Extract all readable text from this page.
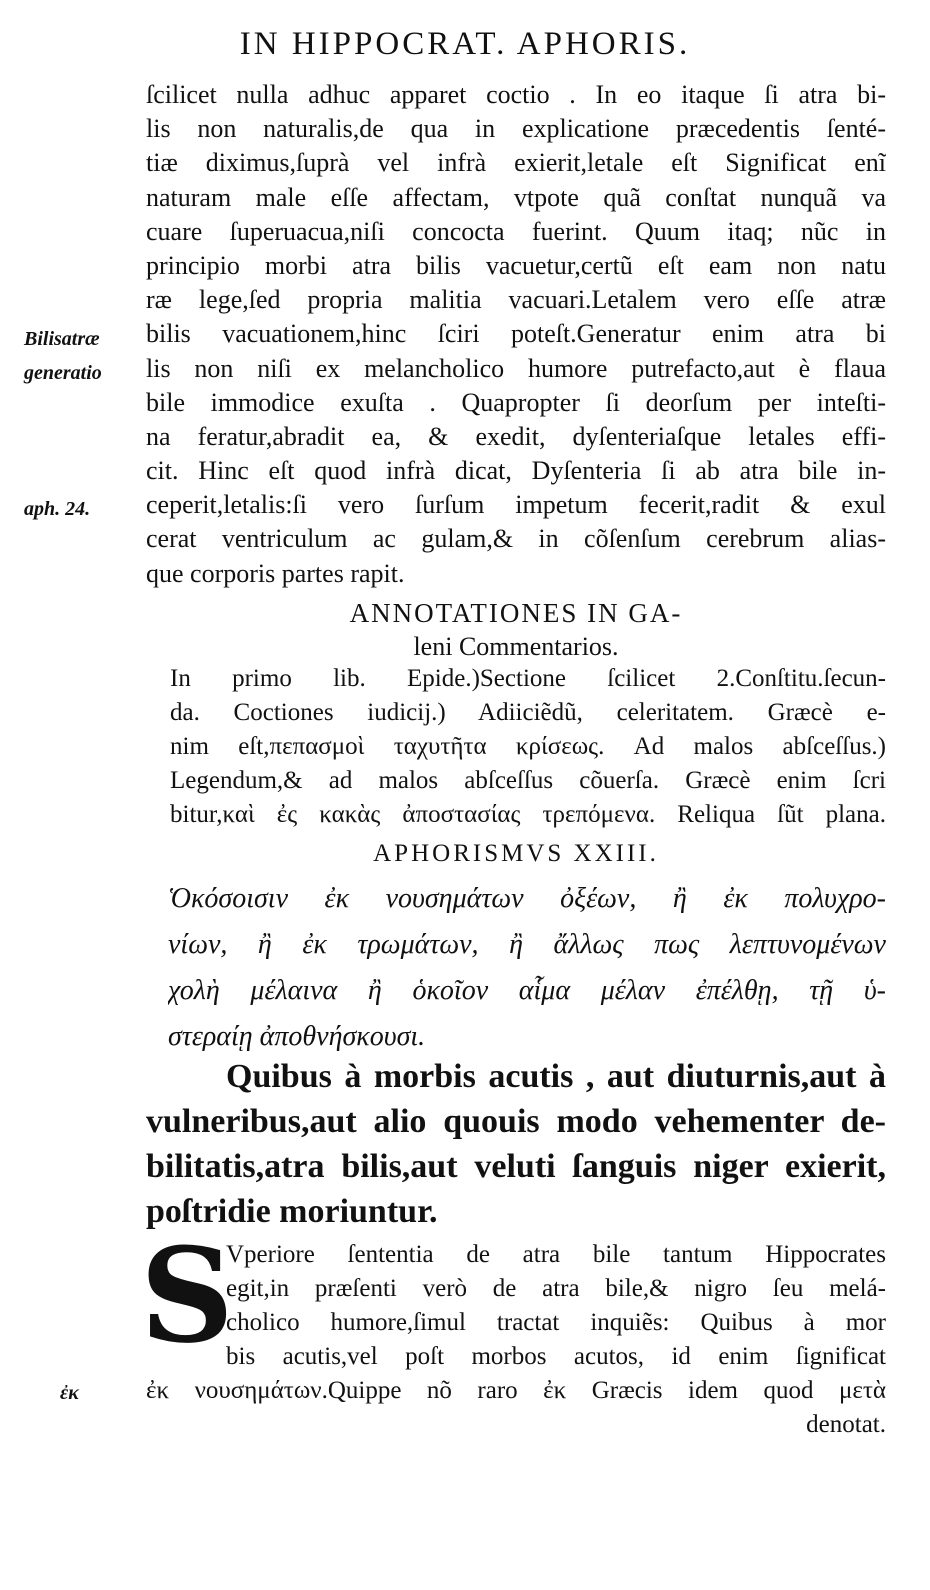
IN HIPPOCRAT. APHORIS.
ſcilicet nulla adhuc apparet coctio . In eo itaque ſi atra bi-
lis non naturalis,de qua in explicatione præcedentis ſenté-
tiæ diximus,ſuprà vel infrà exierit,letale eſt Significat enĩ
naturam male eſſe affectam, vtpote quã conſtat nunquã va
cuare ſuperuacua,niſi concocta fuerint. Quum itaq; nũc in
principio morbi atra bilis vacuetur,certũ eſt eam non natu
ræ lege,ſed propria malitia vacuari.Letalem vero eſſe atræ
bilis vacuationem,hinc ſciri poteſt.Generatur enim atra bi
lis non niſi ex melancholico humore putrefacto,aut è flaua
bile immodice exuſta . Quapropter ſi deorſum per inteſti-
na feratur,abradit ea, & exedit, dyſenteriaſque letales effi-
cit. Hinc eſt quod infrà dicat, Dyſenteria ſi ab atra bile in-
ceperit,letalis:ſi vero ſurſum impetum fecerit,radit & exul
cerat ventriculum ac gulam,& in cõſenſum cerebrum alias-
que corporis partes rapit.
Bilisatræ
generatio
aph. 24.
ἐκ
ANNOTATIONES IN GA-
leni Commentarios.
In primo lib. Epide.)Sectione ſcilicet 2.Conſtitu.ſecun-
da. Coctiones iudicij.) Adiiciẽdũ, celeritatem. Græcè e-
nim eſt,πεπασμοὶ ταχυτῆτα κρίσεως. Ad malos abſceſſus.)
Legendum,& ad malos abſceſſus cõuerſa. Græcè enim ſcri
bitur,καὶ ἐς κακὰς ἀποστασίας τρεπόμενα. Reliqua ſũt plana.
APHORISMVS XXIII.
Ὁκόσοισιν ἐκ νουσημάτων ὀξέων, ἢ ἐκ πολυχρο-
νίων, ἢ ἐκ τρωμάτων, ἢ ἄλλως πως λεπτυνομένων
χολὴ μέλαινα ἢ ὁκοῖον αἷμα μέλαν ἐπέλθῃ, τῇ ὑ-
στεραίῃ ἀποθνήσκουσι.
Quibus à morbis acutis , aut diuturnis,aut à
vulneribus,aut alio quouis modo vehementer de-
bilitatis,atra bilis,aut veluti ſanguis niger exierit,
poſtridie moriuntur.
S
Vperiore ſententia de atra bile tantum Hippocrates
egit,in præſenti verò de atra bile,& nigro ſeu melá-
cholico humore,ſimul tractat inquiẽs: Quibus à mor
bis acutis,vel poſt morbos acutos, id enim ſignificat
ἐκ νουσημάτων.Quippe nõ raro ἐκ Græcis idem quod μετὰ
denotat.
